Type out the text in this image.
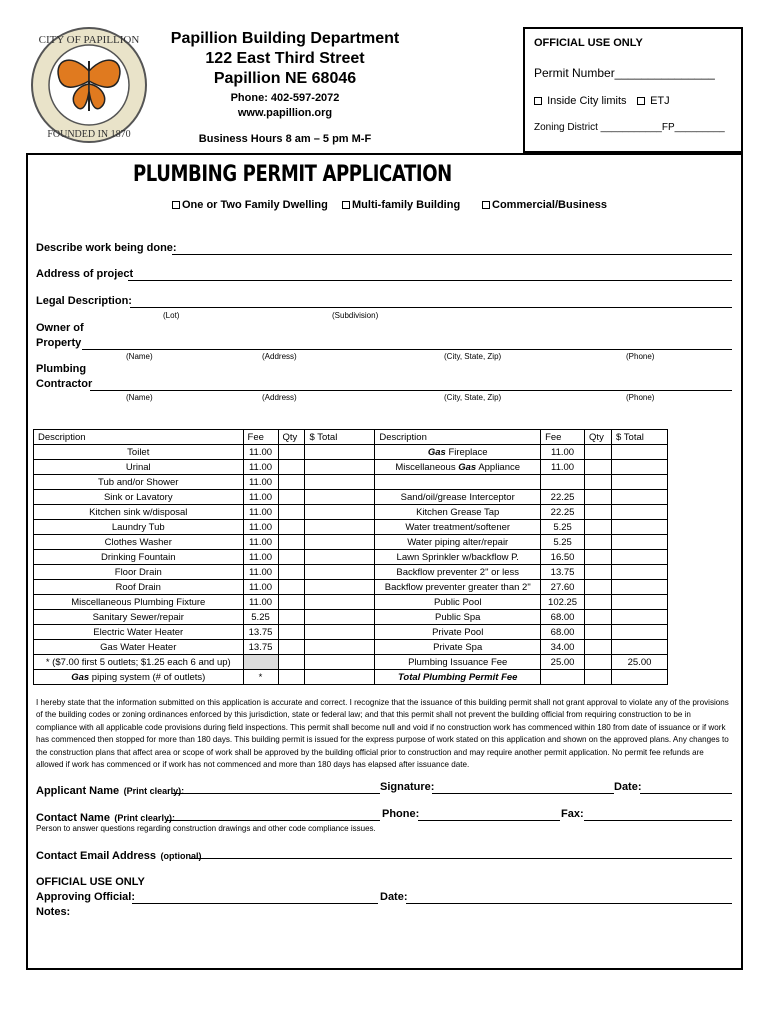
CITY OF PAPILLION
FOUNDED IN 1870
Papillion Building Department
122 East Third Street
Papillion NE 68046
Phone: 402-597-2072
www.papillion.org
Business Hours 8 am – 5 pm M-F
OFFICIAL USE ONLY
Permit Number_______________
Inside City limits	ETJ
Zoning District ___________FP_________
PLUMBING PERMIT APPLICATION
One or Two Family Dwelling	Multi-family Building	Commercial/Business
Describe work being done:
Address of project
Legal Description:
(Lot)	(Subdivision)
Owner of
Property
(Name)	(Address)	(City, State, Zip)	(Phone)
Plumbing
Contractor
(Name)	(Address)	(City, State, Zip)	(Phone)
Description	Fee	Qty	$ Total	Description	Fee	Qty	$ Total
Toilet	11.00			Gas Fireplace	11.00		
Urinal	11.00			Miscellaneous Gas Appliance	11.00		
Tub and/or Shower	11.00						
Sink or Lavatory	11.00			Sand/oil/grease Interceptor	22.25		
Kitchen sink w/disposal	11.00			Kitchen Grease Tap	22.25		
Laundry Tub	11.00			Water treatment/softener	5.25		
Clothes Washer	11.00			Water piping alter/repair	5.25		
Drinking Fountain	11.00			Lawn Sprinkler w/backflow P.	16.50		
Floor Drain	11.00			Backflow preventer 2" or less	13.75		
Roof Drain	11.00			Backflow preventer greater than 2"	27.60		
Miscellaneous Plumbing Fixture	11.00			Public Pool	102.25		
Sanitary Sewer/repair	5.25			Public Spa	68.00		
Electric Water Heater	13.75			Private Pool	68.00		
Gas Water Heater	13.75			Private Spa	34.00		
* ($7.00 first 5 outlets; $1.25 each 6 and up)				Plumbing Issuance Fee	25.00		25.00
Gas piping system (# of outlets)	*			Total Plumbing Permit Fee			
I hereby state that the information submitted on this application is accurate and correct. I recognize that the issuance of this building permit shall not grant approval to violate any of the provisions of the building codes or zoning ordinances enforced by this jurisdiction, state or federal law; and that this permit shall not prevent the building official from requiring construction to be in compliance with all applicable code provisions during field inspections. This permit shall become null and void if no construction work has commenced within 180 from date of issuance or if work has commenced then stopped for more than 180 days. This building permit is issued for the express purpose of work stated on this application and shown on the approved plans. Any changes to the construction plans that affect area or scope of work shall be approved by the building official prior to construction and may require another permit application. No permit fee refunds are allowed if work has commenced or if work has not commenced and more than 180 days has elapsed after issuance date.
Applicant Name (Print clearly):	Signature:	Date:
Contact Name (Print clearly):	Phone:	Fax:
Person to answer questions regarding construction drawings and other code compliance issues.
Contact Email Address (optional)
OFFICIAL USE ONLY
Approving Official:	Date:
Notes:
